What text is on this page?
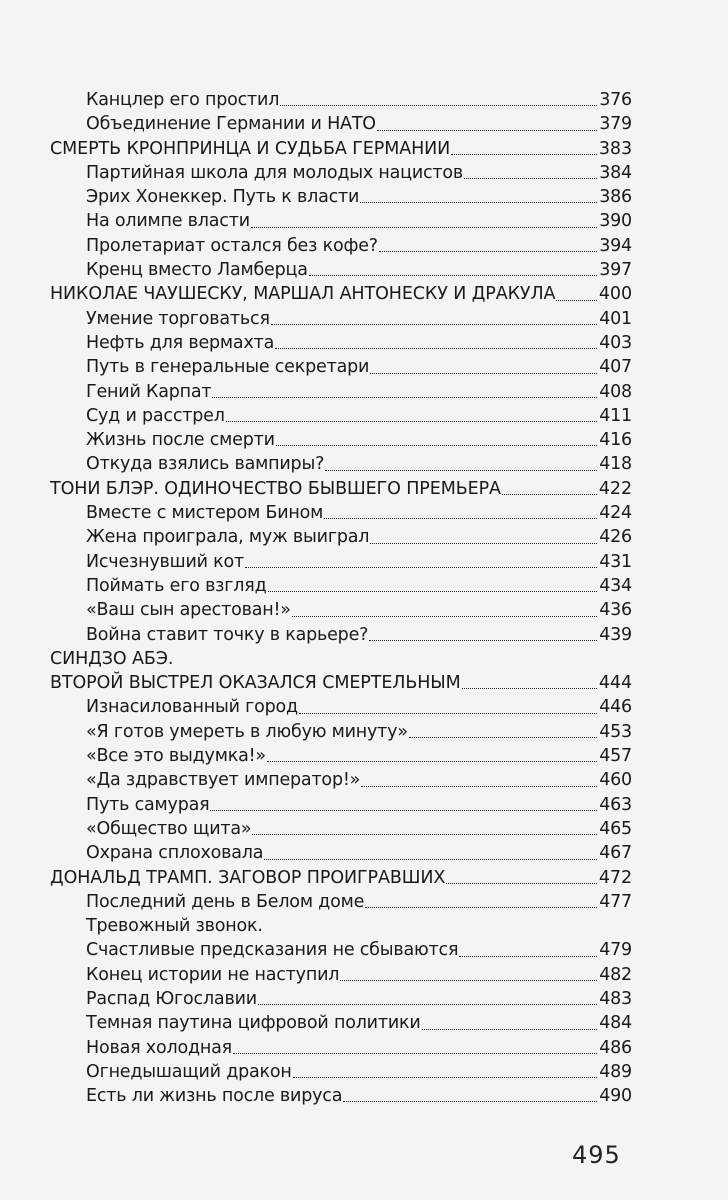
Канцлер его простил	376
Объединение Германии и НАТО	379
СМЕРТЬ КРОНПРИНЦА И СУДЬБА ГЕРМАНИИ	383
Партийная школа для молодых нацистов	384
Эрих Хонеккер. Путь к власти	386
На олимпе власти	390
Пролетариат остался без кофе?	394
Кренц вместо Ламберца	397
НИКОЛАЕ ЧАУШЕСКУ, МАРШАЛ АНТОНЕСКУ И ДРАКУЛА 400
Умение торговаться	401
Нефть для вермахта	403
Путь в генеральные секретари	407
Гений Карпат	408
Суд и расстрел	411
Жизнь после смерти	416
Откуда взялись вампиры?	418
ТОНИ БЛЭР. ОДИНОЧЕСТВО БЫВШЕГО ПРЕМЬЕРА	422
Вместе с мистером Бином	424
Жена проиграла, муж выиграл	426
Исчезнувший кот	431
Поймать его взгляд	434
«Ваш сын арестован!»	436
Война ставит точку в карьере?	439
СИНДЗО АБЭ.
ВТОРОЙ ВЫСТРЕЛ ОКАЗАЛСЯ СМЕРТЕЛЬНЫМ	444
Изнасилованный город	446
«Я готов умереть в любую минуту»	453
«Все это выдумка!»	457
«Да здравствует император!»	460
Путь самурая	463
«Общество щита»	465
Охрана сплоховала	467
ДОНАЛЬД ТРАМП. ЗАГОВОР ПРОИГРАВШИХ	472
Последний день в Белом доме	477
Тревожный звонок.
Счастливые предсказания не сбываются	479
Конец истории не наступил	482
Распад Югославии	483
Темная паутина цифровой политики	484
Новая холодная	486
Огнедышащий дракон	489
Есть ли жизнь после вируса	490
495
